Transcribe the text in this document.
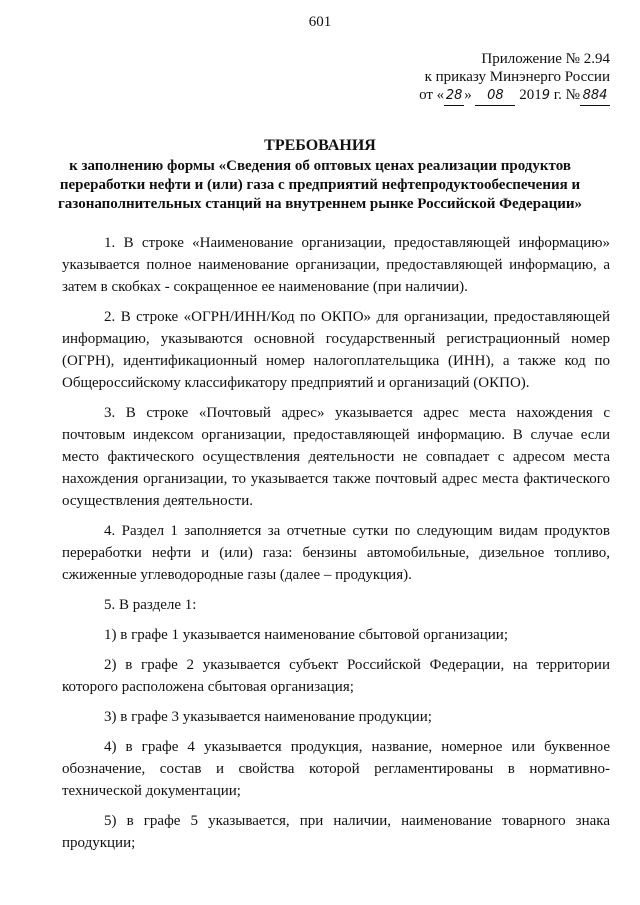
601
Приложение № 2.94
к приказу Минэнерго России
от « 28 » 08 2019 г. № 884
ТРЕБОВАНИЯ
к заполнению формы «Сведения об оптовых ценах реализации продуктов
переработки нефти и (или) газа с предприятий нефтепродуктообеспечения и
газонаполнительных станций на внутреннем рынке Российской Федерации»

1. В строке «Наименование организации, предоставляющей информацию» указывается полное наименование организации, предоставляющей информацию, а затем в скобках - сокращенное ее наименование (при наличии).

2. В строке «ОГРН/ИНН/Код по ОКПО» для организации, предоставляющей информацию, указываются основной государственный регистрационный номер (ОГРН), идентификационный номер налогоплательщика (ИНН), а также код по Общероссийскому классификатору предприятий и организаций (ОКПО).

3. В строке «Почтовый адрес» указывается адрес места нахождения с почтовым индексом организации, предоставляющей информацию. В случае если место фактического осуществления деятельности не совпадает с адресом места нахождения организации, то указывается также почтовый адрес места фактического осуществления деятельности.

4. Раздел 1 заполняется за отчетные сутки по следующим видам продуктов переработки нефти и (или) газа: бензины автомобильные, дизельное топливо, сжиженные углеводородные газы (далее – продукция).

5. В разделе 1:

1) в графе 1 указывается наименование сбытовой организации;

2) в графе 2 указывается субъект Российской Федерации, на территории которого расположена сбытовая организация;

3) в графе 3 указывается наименование продукции;

4) в графе 4 указывается продукция, название, номерное или буквенное обозначение, состав и свойства которой регламентированы в нормативно-технической документации;

5) в графе 5 указывается, при наличии, наименование товарного знака продукции;
